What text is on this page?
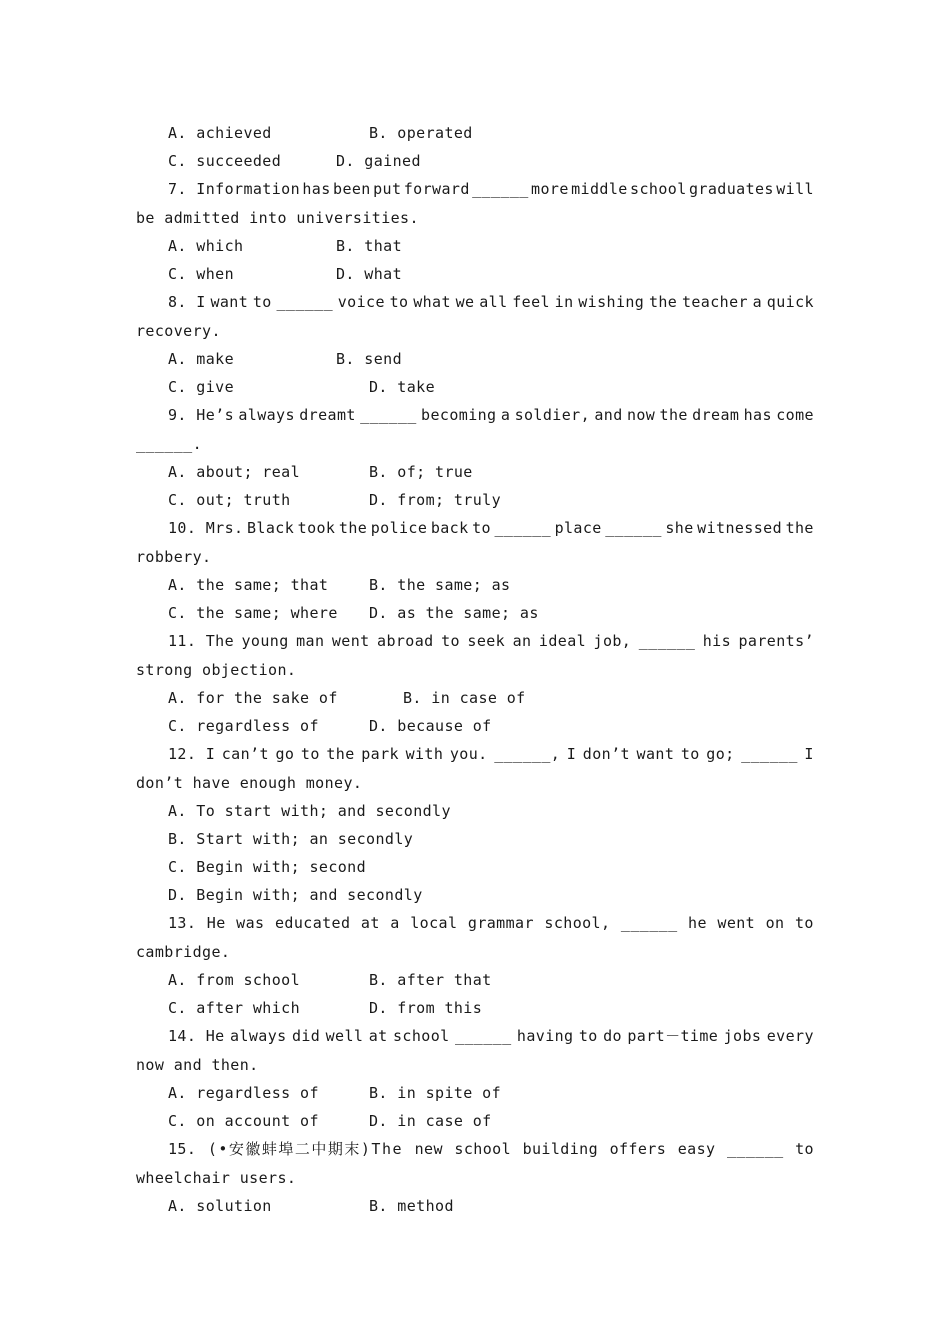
A. achieved	B. operated
C. succeeded	D. gained
7. Information has been put forward ______ more middle school graduates will
be admitted into universities.
A. which	B. that
C. when	D. what
8. I want to ______ voice to what we all feel in wishing the teacher a quick
recovery.
A. make	B. send
C. give	D. take
9. He’s always dreamt ______ becoming a soldier, and now the dream has come
______.
A. about; real	B. of; true
C. out; truth	D. from; truly
10. Mrs. Black took the police back to ______ place ______ she witnessed the
robbery.
A. the same; that	B. the same; as
C. the same; where D. as the same; as
11. The young man went abroad to seek an ideal job, ______ his parents’
strong objection.
A. for the sake of	B. in case of
C. regardless of	D. because of
12. I can’t go to the park with you. ______, I don’t want to go; ______ I
don’t have enough money.
A. To start with; and secondly
B. Start with; an secondly
C. Begin with; second
D. Begin with; and secondly
13. He was educated at a local grammar school, ______ he went on to
cambridge.
A. from school	B. after that
C. after which	D. from this
14. He always did well at school ______ having to do part－time jobs every
now and then.
A. regardless of	B. in spite of
C. on account of	D. in case of
15. (•安徽蚌埠二中期末)The new school building offers easy ______ to
wheelchair users.
A. solution	B. method
